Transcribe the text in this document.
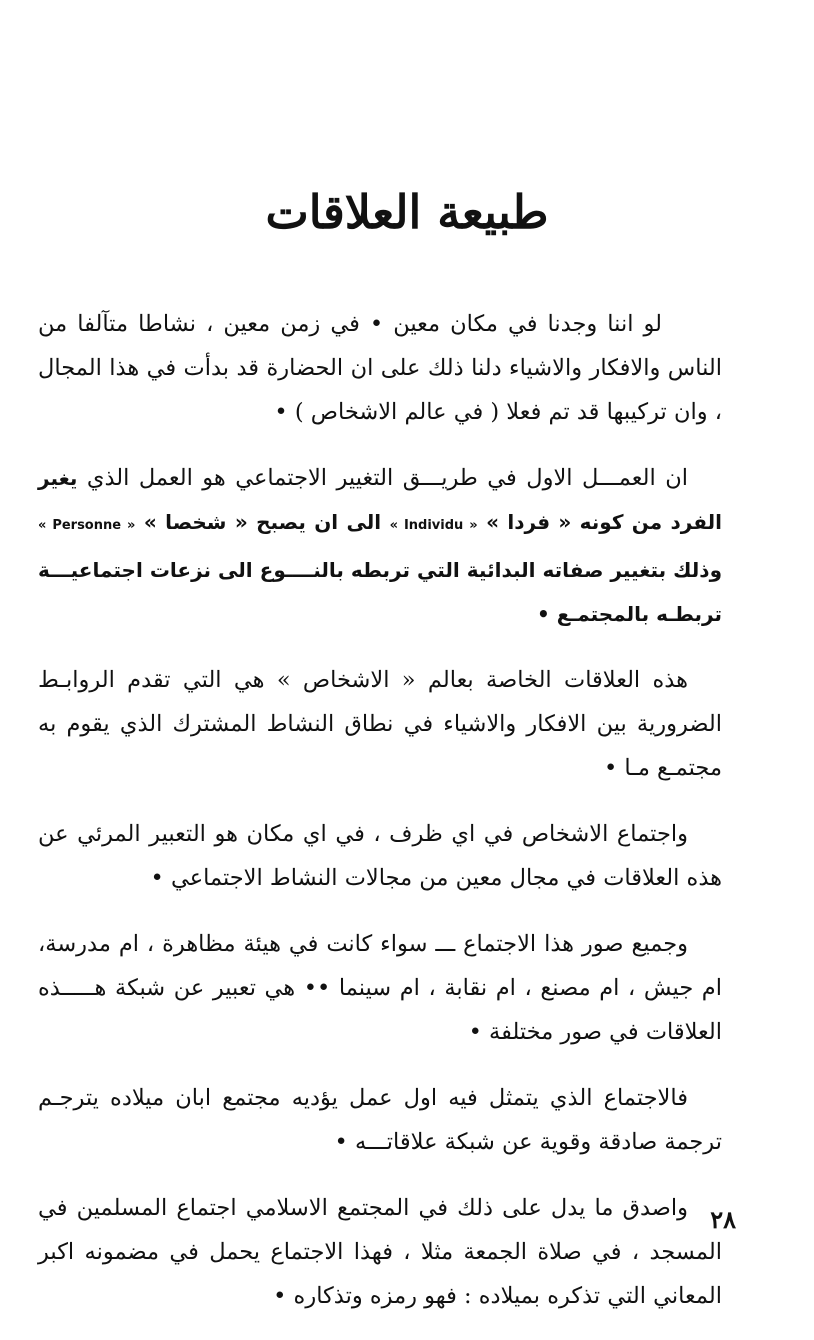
طبيعة العلاقات

لو اننا وجدنا في مكان معين • في زمن معين ، نشاطا متآلفا من الناس والافكار والاشياء دلنا ذلك على ان الحضارة قد بدأت في هذا المجال ، وان تركيبها قد تم فعلا ( في عالم الاشخاص ) •

ان العمـــل الاول في طريـــق التغيير الاجتماعي هو العمل الذي يغير الفرد من كونه « فردا » « Individu » الى ان يصبح « شخصا » « Personne » وذلك بتغيير صفاته البدائية التي تربطه بالنــــوع الى نزعات اجتماعيـــة تربطـه بالمجتمـع •

هذه العلاقات الخاصة بعالم « الاشخاص » هي التي تقدم الروابـط الضرورية بين الافكار والاشياء في نطاق النشاط المشترك الذي يقوم به مجتمـع مـا •

واجتماع الاشخاص في اي ظرف ، في اي مكان هو التعبير المرئي عن هذه العلاقات في مجال معين من مجالات النشاط الاجتماعي •

وجميع صور هذا الاجتماع ـــ سواء كانت في هيئة مظاهرة ، ام مدرسة، ام جيش ، ام مصنع ، ام نقابة ، ام سينما •• هي تعبير عن شبكة هـــــذه العلاقات في صور مختلفة •

فالاجتماع الذي يتمثل فيه اول عمل يؤديه مجتمع ابان ميلاده يترجـم ترجمة صادقة وقوية عن شبكة علاقاتـــه •

واصدق ما يدل على ذلك في المجتمع الاسلامي اجتماع المسلمين في المسجد ، في صلاة الجمعة مثلا ، فهذا الاجتماع يحمل في مضمونه اكبر المعاني التي تذكره بميلاده : فهو رمزه وتذكاره •

٢٨
